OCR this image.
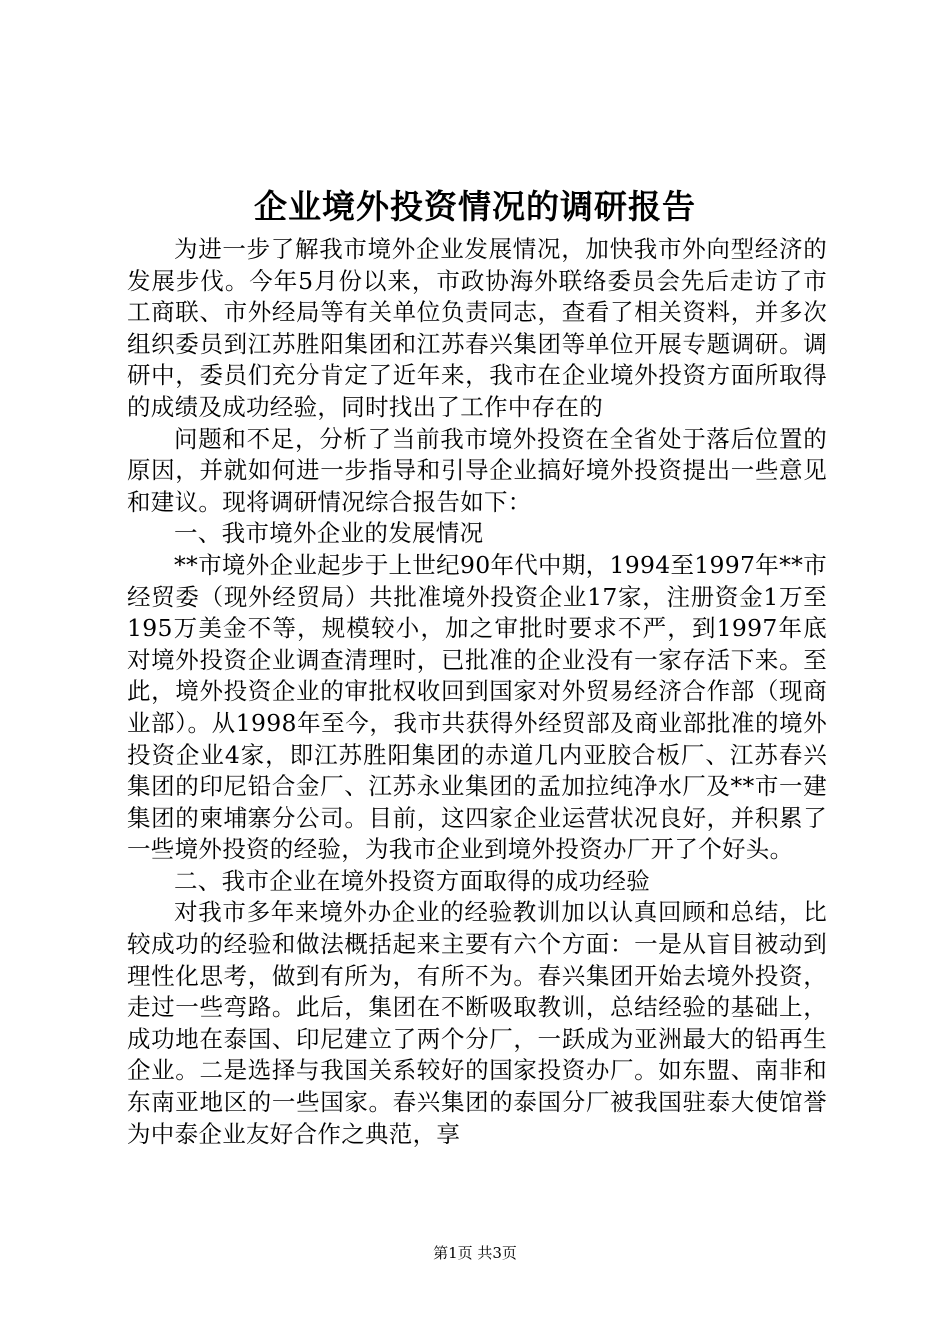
企业境外投资情况的调研报告

为进一步了解我市境外企业发展情况，加快我市外向型经济的发展步伐。今年5月份以来，市政协海外联络委员会先后走访了市工商联、市外经局等有关单位负责同志，查看了相关资料，并多次组织委员到江苏胜阳集团和江苏春兴集团等单位开展专题调研。调研中，委员们充分肯定了近年来，我市在企业境外投资方面所取得的成绩及成功经验，同时找出了工作中存在的

问题和不足，分析了当前我市境外投资在全省处于落后位置的原因，并就如何进一步指导和引导企业搞好境外投资提出一些意见和建议。现将调研情况综合报告如下：

一、我市境外企业的发展情况

**市境外企业起步于上世纪90年代中期，1994至1997年**市经贸委（现外经贸局）共批准境外投资企业17家，注册资金1万至195万美金不等，规模较小，加之审批时要求不严，到1997年底对境外投资企业调查清理时，已批准的企业没有一家存活下来。至此，境外投资企业的审批权收回到国家对外贸易经济合作部（现商业部）。从1998年至今，我市共获得外经贸部及商业部批准的境外投资企业4家，即江苏胜阳集团的赤道几内亚胶合板厂、江苏春兴集团的印尼铅合金厂、江苏永业集团的孟加拉纯净水厂及**市一建集团的柬埔寨分公司。目前，这四家企业运营状况良好，并积累了一些境外投资的经验，为我市企业到境外投资办厂开了个好头。

二、我市企业在境外投资方面取得的成功经验

对我市多年来境外办企业的经验教训加以认真回顾和总结，比较成功的经验和做法概括起来主要有六个方面：一是从盲目被动到理性化思考，做到有所为，有所不为。春兴集团开始去境外投资，走过一些弯路。此后，集团在不断吸取教训，总结经验的基础上，成功地在泰国、印尼建立了两个分厂，一跃成为亚洲最大的铅再生企业。二是选择与我国关系较好的国家投资办厂。如东盟、南非和东南亚地区的一些国家。春兴集团的泰国分厂被我国驻泰大使馆誉为中泰企业友好合作之典范，享

第1页 共3页
